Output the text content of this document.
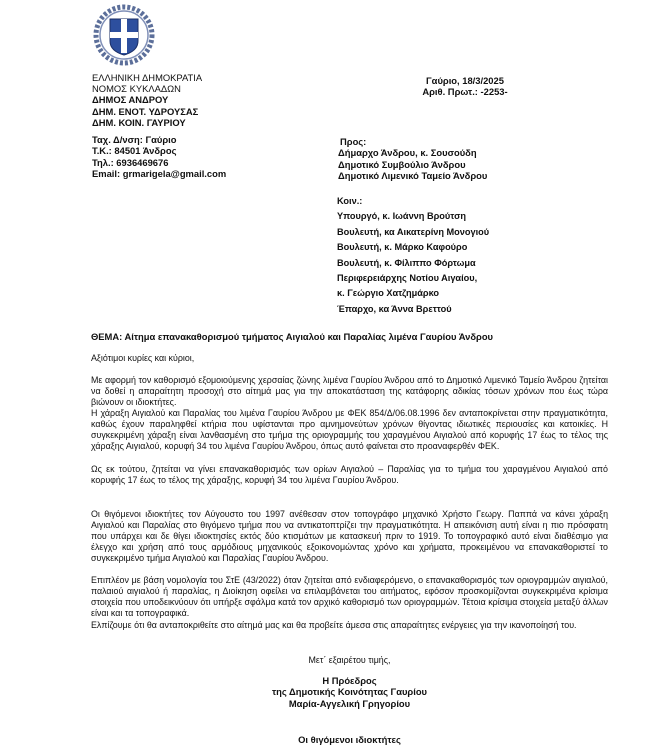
ΕΛΛΗΝΙΚΗ ΔΗΜΟΚΡΑΤΙΑ
ΝΟΜΟΣ ΚΥΚΛΑΔΩΝ
ΔΗΜΟΣ ΑΝΔΡΟΥ
ΔΗΜ. ΕΝΟΤ. ΥΔΡΟΥΣΑΣ
ΔΗΜ. ΚΟΙΝ. ΓΑΥΡΙΟΥ
Ταχ. Δ/νση: Γαύριο
Τ.Κ.: 84501 Άνδρος
Τηλ.: 6936469676
Email: grmarigela@gmail.com
Γαύριο, 18/3/2025
Αριθ. Πρωτ.: -2253-
Προς:
Δήμαρχο Άνδρου, κ. Σουσούδη
Δημοτικό Συμβούλιο Άνδρου
Δημοτικό Λιμενικό Ταμείο Άνδρου
Κοιν.:
Υπουργό, κ. Ιωάννη Βρούτση
Βουλευτή, κα Αικατερίνη Μονογιού
Βουλευτή, κ. Μάρκο Καφούρο
Βουλευτή, κ. Φίλιππο Φόρτωμα
Περιφερειάρχης Νοτίου Αιγαίου,
κ. Γεώργιο Χατζημάρκο
Έπαρχο, κα Άννα Βρεττού
ΘΕΜΑ: Αίτημα επανακαθορισμού τμήματος Αιγιαλού και Παραλίας λιμένα Γαυρίου Άνδρου
Αξιότιμοι κυρίες και κύριοι,
Με αφορμή τον καθορισμό εξομοιούμενης χερσαίας ζώνης λιμένα Γαυρίου Άνδρου από το Δημοτικό Λιμενικό Ταμείο Άνδρου ζητείται να δοθεί η απαραίτητη προσοχή στο αίτημά μας για την αποκατάσταση της κατάφορης αδικίας τόσων χρόνων που έως τώρα βιώνουν οι ιδιοκτήτες.
Η χάραξη Αιγιαλού και Παραλίας του λιμένα Γαυρίου Άνδρου με ΦΕΚ 854/Δ/06.08.1996 δεν ανταποκρίνεται στην πραγματικότητα, καθώς έχουν παραληφθεί κτήρια που υφίστανται προ αμνημονεύτων χρόνων θίγοντας ιδιωτικές περιουσίες και κατοικίες. Η συγκεκριμένη χάραξη είναι λανθασμένη στο τμήμα της οριογραμμής του χαραγμένου Αιγιαλού από κορυφής 17 έως το τέλος της χάραξης Αιγιαλού, κορυφή 34 του λιμένα Γαυρίου Άνδρου, όπως αυτό φαίνεται στο προαναφερθέν ΦΕΚ.
Ως εκ τούτου, ζητείται να γίνει επανακαθορισμός των ορίων Αιγιαλού – Παραλίας για το τμήμα του χαραγμένου Αιγιαλού από κορυφής 17 έως το τέλος της χάραξης, κορυφή 34 του λιμένα Γαυρίου Άνδρου.
Οι θιγόμενοι ιδιοκτήτες τον Αύγουστο του 1997 ανέθεσαν στον τοπογράφο μηχανικό Χρήστο Γεωργ. Παππά να κάνει χάραξη Αιγιαλού και Παραλίας στο θιγόμενο τμήμα που να αντικατοπτρίζει την πραγματικότητα. Η απεικόνιση αυτή είναι η πιο πρόσφατη που υπάρχει και δε θίγει ιδιοκτησίες εκτός δύο κτισμάτων με κατασκευή πριν το 1919. Το τοπογραφικό αυτό είναι διαθέσιμο για έλεγχο και χρήση από τους αρμόδιους μηχανικούς εξοικονομώντας χρόνο και χρήματα, προκειμένου να επανακαθοριστεί το συγκεκριμένο τμήμα Αιγιαλού και Παραλίας Γαυρίου Άνδρου.
Επιπλέον με βάση νομολογία του ΣτΕ (43/2022) όταν ζητείται από ενδιαφερόμενο, ο επανακαθορισμός των οριογραμμών αιγιαλού, παλαιού αιγιαλού ή παραλίας, η Διοίκηση οφείλει να επιλαμβάνεται του αιτήματος, εφόσον προσκομίζονται συγκεκριμένα κρίσιμα στοιχεία που υποδεικνύουν ότι υπήρξε σφάλμα κατά τον αρχικό καθορισμό των οριογραμμών. Τέτοια κρίσιμα στοιχεία μεταξύ άλλων είναι και τα τοπογραφικά.
Ελπίζουμε ότι θα ανταποκριθείτε στο αίτημά μας και θα προβείτε άμεσα στις απαραίτητες ενέργειες για την ικανοποίησή του.
Μετ΄ εξαιρέτου τιμής,
Η Πρόεδρος
της Δημοτικής Κοινότητας Γαυρίου
Μαρία-Αγγελική Γρηγορίου
Οι θιγόμενοι ιδιοκτήτες
